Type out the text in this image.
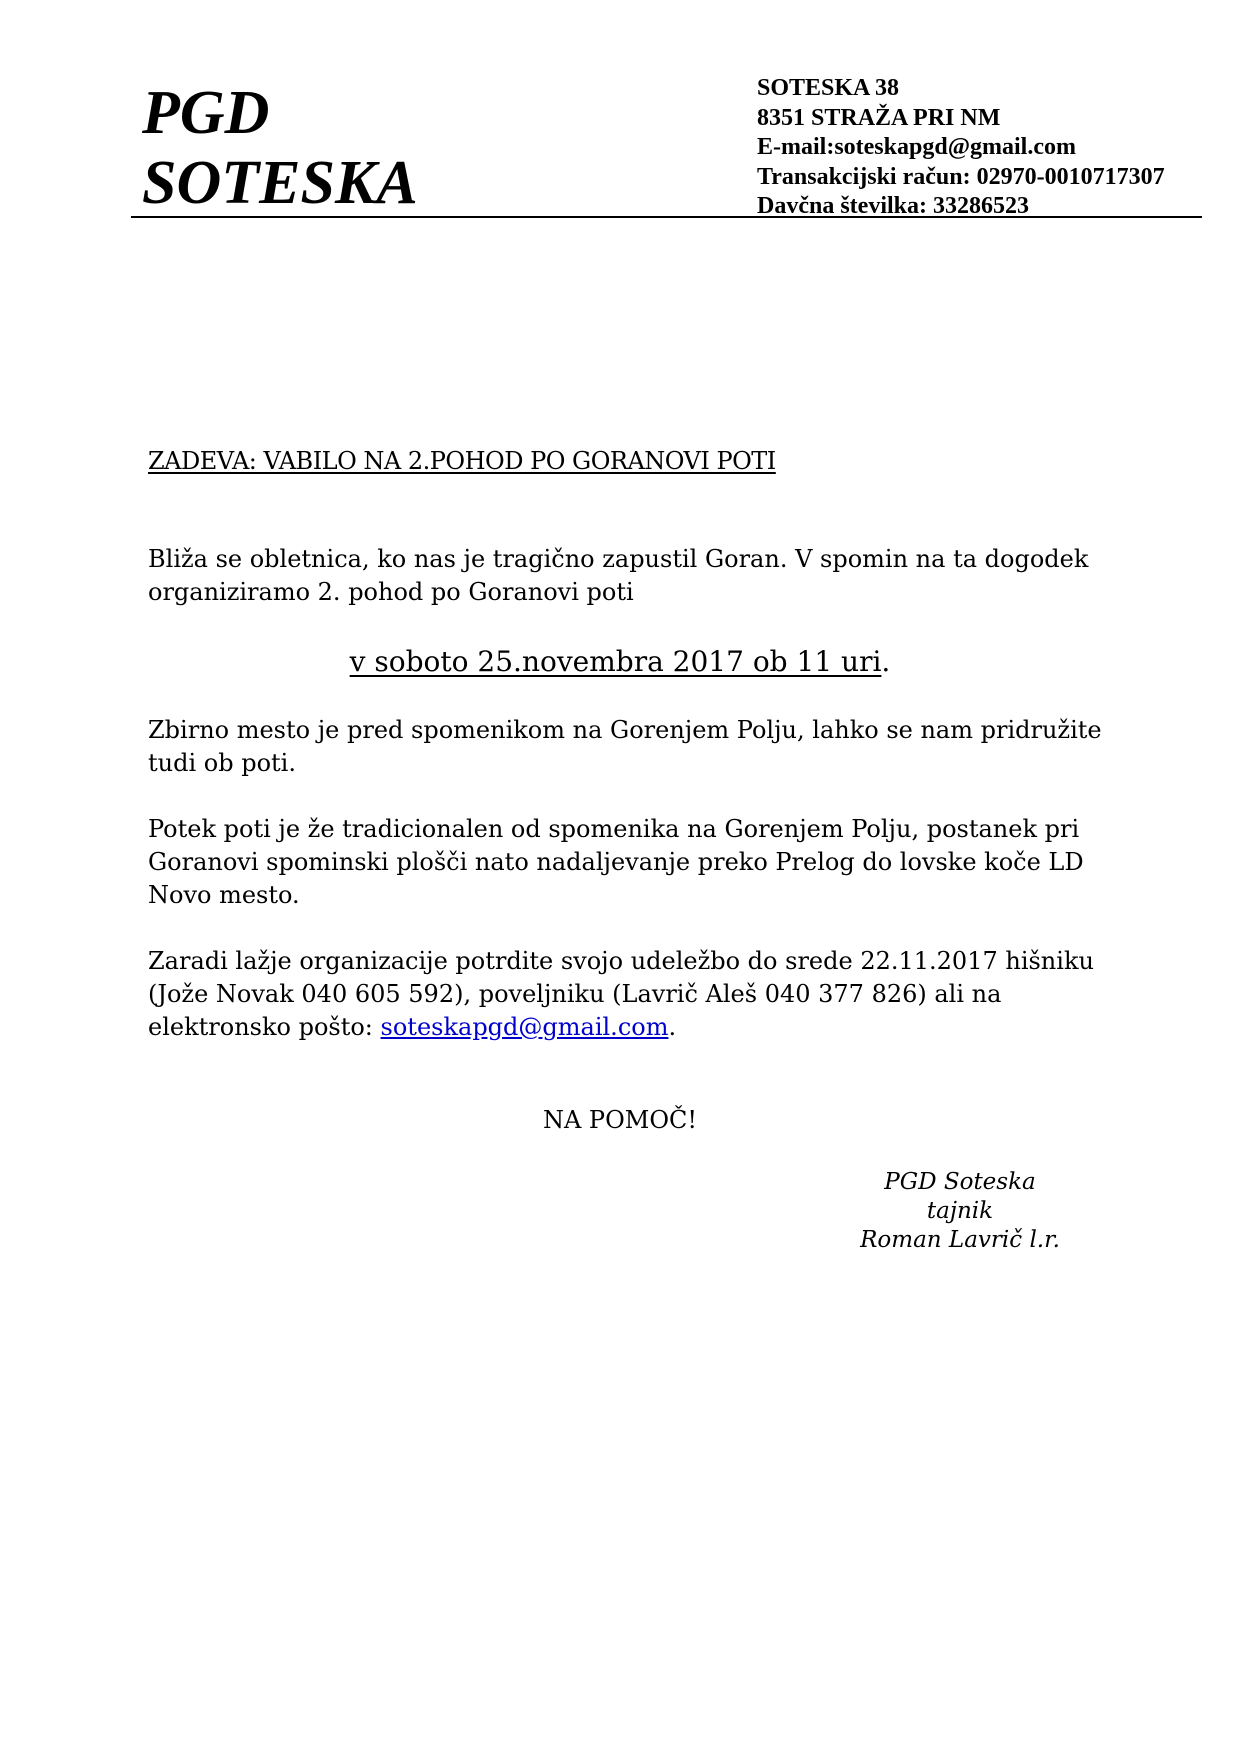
PGD
SOTESKA
SOTESKA 38
8351 STRAŽA PRI NM
E-mail:soteskapgd@gmail.com
Transakcijski račun: 02970-0010717307
Davčna številka: 33286523
ZADEVA: VABILO NA 2.POHOD PO GORANOVI POTI
Bliža se obletnica, ko nas je tragično zapustil Goran. V spomin na ta dogodek organiziramo 2. pohod po Goranovi poti
v soboto 25.novembra 2017 ob 11 uri.
Zbirno mesto je pred spomenikom na Gorenjem Polju, lahko se nam pridružite tudi ob poti.
Potek poti je že tradicionalen od spomenika na Gorenjem Polju, postanek pri Goranovi spominski plošči nato nadaljevanje preko Prelog do lovske koče LD Novo mesto.
Zaradi lažje organizacije potrdite svojo udeležbo do srede 22.11.2017 hišniku (Jože Novak 040 605 592), poveljniku (Lavrič Aleš 040 377 826) ali na elektronsko pošto: soteskapgd@gmail.com.
NA POMOČ!
PGD Soteska
tajnik
Roman Lavrič l.r.
